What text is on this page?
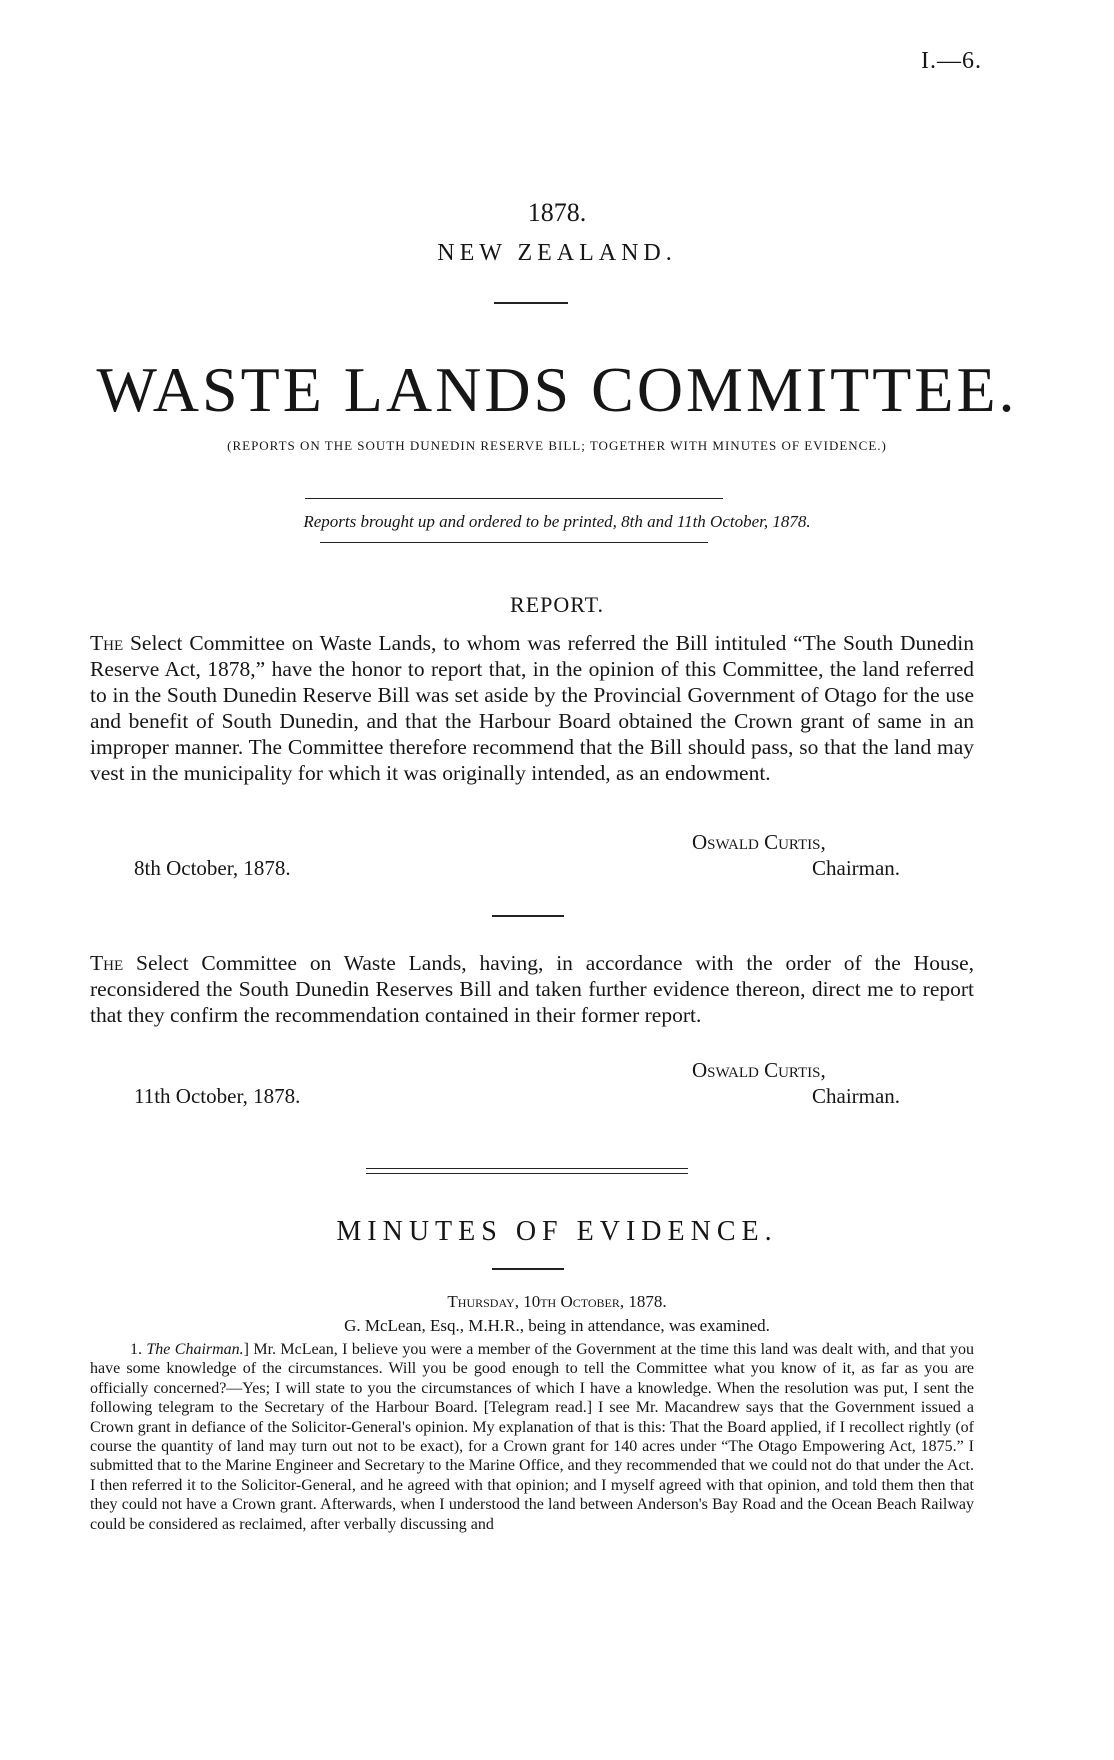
I.—6.
1878.
NEW ZEALAND.
WASTE LANDS COMMITTEE.
(REPORTS ON THE SOUTH DUNEDIN RESERVE BILL; TOGETHER WITH MINUTES OF EVIDENCE.)
Reports brought up and ordered to be printed, 8th and 11th October, 1878.
REPORT.

The Select Committee on Waste Lands, to whom was referred the Bill intituled “The South Dunedin Reserve Act, 1878,” have the honor to report that, in the opinion of this Committee, the land referred to in the South Dunedin Reserve Bill was set aside by the Provincial Government of Otago for the use and benefit of South Dunedin, and that the Harbour Board obtained the Crown grant of same in an improper manner. The Committee therefore recommend that the Bill should pass, so that the land may vest in the municipality for which it was originally intended, as an endowment.

Oswald Curtis,
8th October, 1878.	Chairman.

The Select Committee on Waste Lands, having, in accordance with the order of the House, reconsidered the South Dunedin Reserves Bill and taken further evidence thereon, direct me to report that they confirm the recommendation contained in their former report.

Oswald Curtis,
11th October, 1878.	Chairman.
MINUTES OF EVIDENCE.
Thursday, 10th October, 1878.
G. McLean, Esq., M.H.R., being in attendance, was examined.

1. The Chairman.] Mr. McLean, I believe you were a member of the Government at the time this land was dealt with, and that you have some knowledge of the circumstances. Will you be good enough to tell the Committee what you know of it, as far as you are officially concerned?—Yes; I will state to you the circumstances of which I have a knowledge. When the resolution was put, I sent the following telegram to the Secretary of the Harbour Board. [Telegram read.] I see Mr. Macandrew says that the Government issued a Crown grant in defiance of the Solicitor-General's opinion. My explanation of that is this: That the Board applied, if I recollect rightly (of course the quantity of land may turn out not to be exact), for a Crown grant for 140 acres under “The Otago Empowering Act, 1875.” I submitted that to the Marine Engineer and Secretary to the Marine Office, and they recommended that we could not do that under the Act. I then referred it to the Solicitor-General, and he agreed with that opinion; and I myself agreed with that opinion, and told them then that they could not have a Crown grant. Afterwards, when I understood the land between Anderson's Bay Road and the Ocean Beach Railway could be considered as reclaimed, after verbally discussing and
